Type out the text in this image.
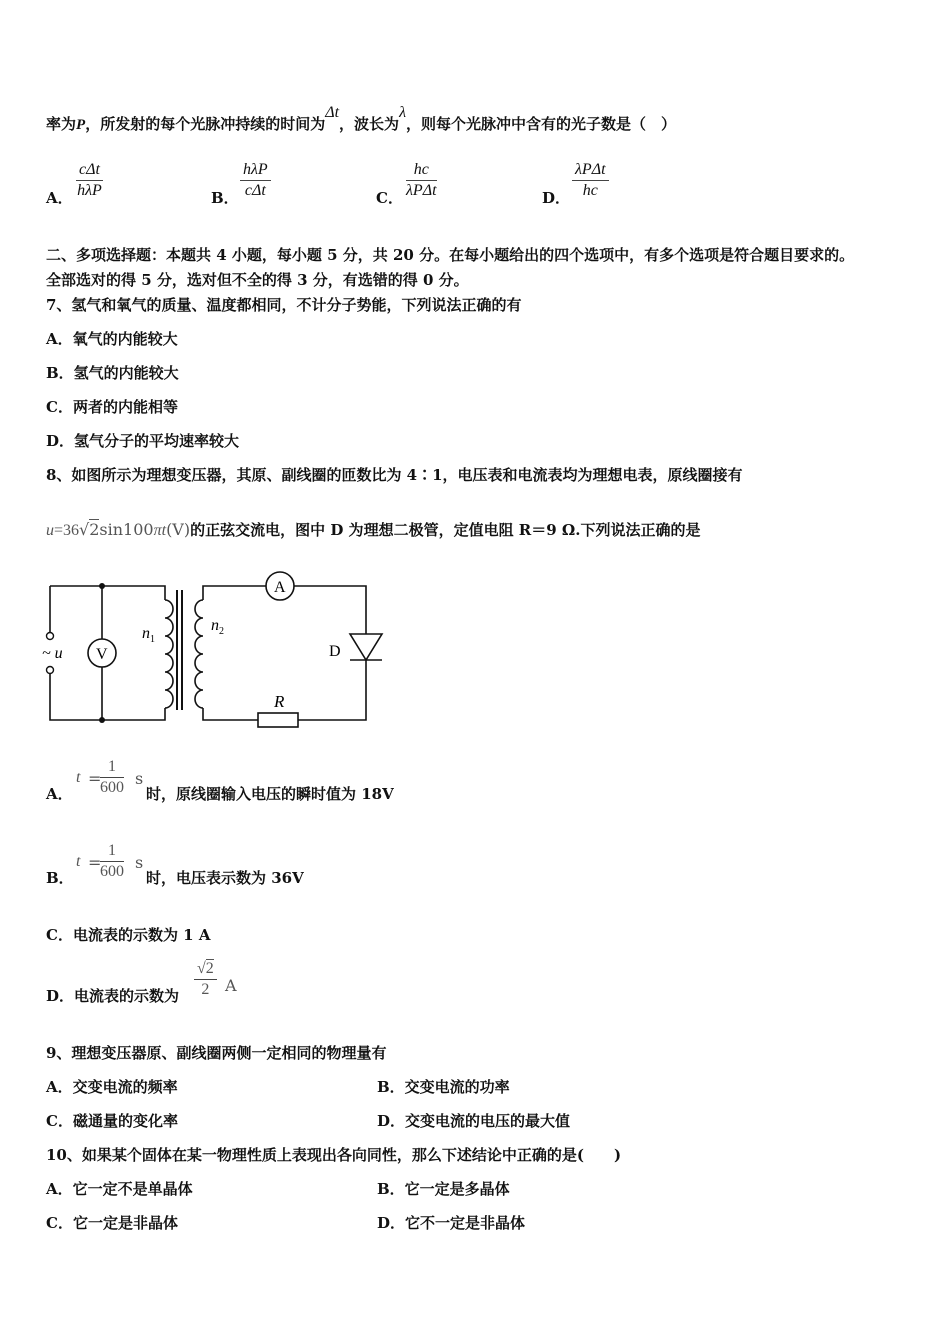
率为P，所发射的每个光脉冲持续的时间为Δt，波长为λ，则每个光脉冲中含有的光子数是（　）
A．
cΔt
hλP	B．
hλP
cΔt	C．
hc
λPΔt	D．
λPΔt
hc
二、多项选择题：本题共 4 小题，每小题 5 分，共 20 分。在每小题给出的四个选项中，有多个选项是符合题目要求的。
全部选对的得 5 分，选对但不全的得 3 分，有选错的得 0 分。
7、氢气和氧气的质量、温度都相同，不计分子势能，下列说法正确的有
A．氧气的内能较大
B．氢气的内能较大
C．两者的内能相等
D．氢气分子的平均速率较大
8、如图所示为理想变压器，其原、副线圈的匝数比为 4∶1，电压表和电流表均为理想电表，原线圈接有
u=36√2sin100πt(V)的正弦交流电，图中 D 为理想二极管，定值电阻 R＝9 Ω.下列说法正确的是
~ u V
A
$n_1$
$n_2$
D
R
A．
t =
$\frac{1}{600}$ s
时，原线圈输入电压的瞬时值为 18V
B．
t =
$\frac{1}{600}$ s
时，电压表示数为 36V
C．电流表的示数为 1 A
D．电流表的示数为 $\frac{√2}{2}$ A
9、理想变压器原、副线圈两侧一定相同的物理量有
A．交变电流的频率	B．交变电流的功率
C．磁通量的变化率	D．交变电流的电压的最大值
10、如果某个固体在某一物理性质上表现出各向同性，那么下述结论中正确的是(　　)
A．它一定不是单晶体	B．它一定是多晶体
C．它一定是非晶体	D．它不一定是非晶体
